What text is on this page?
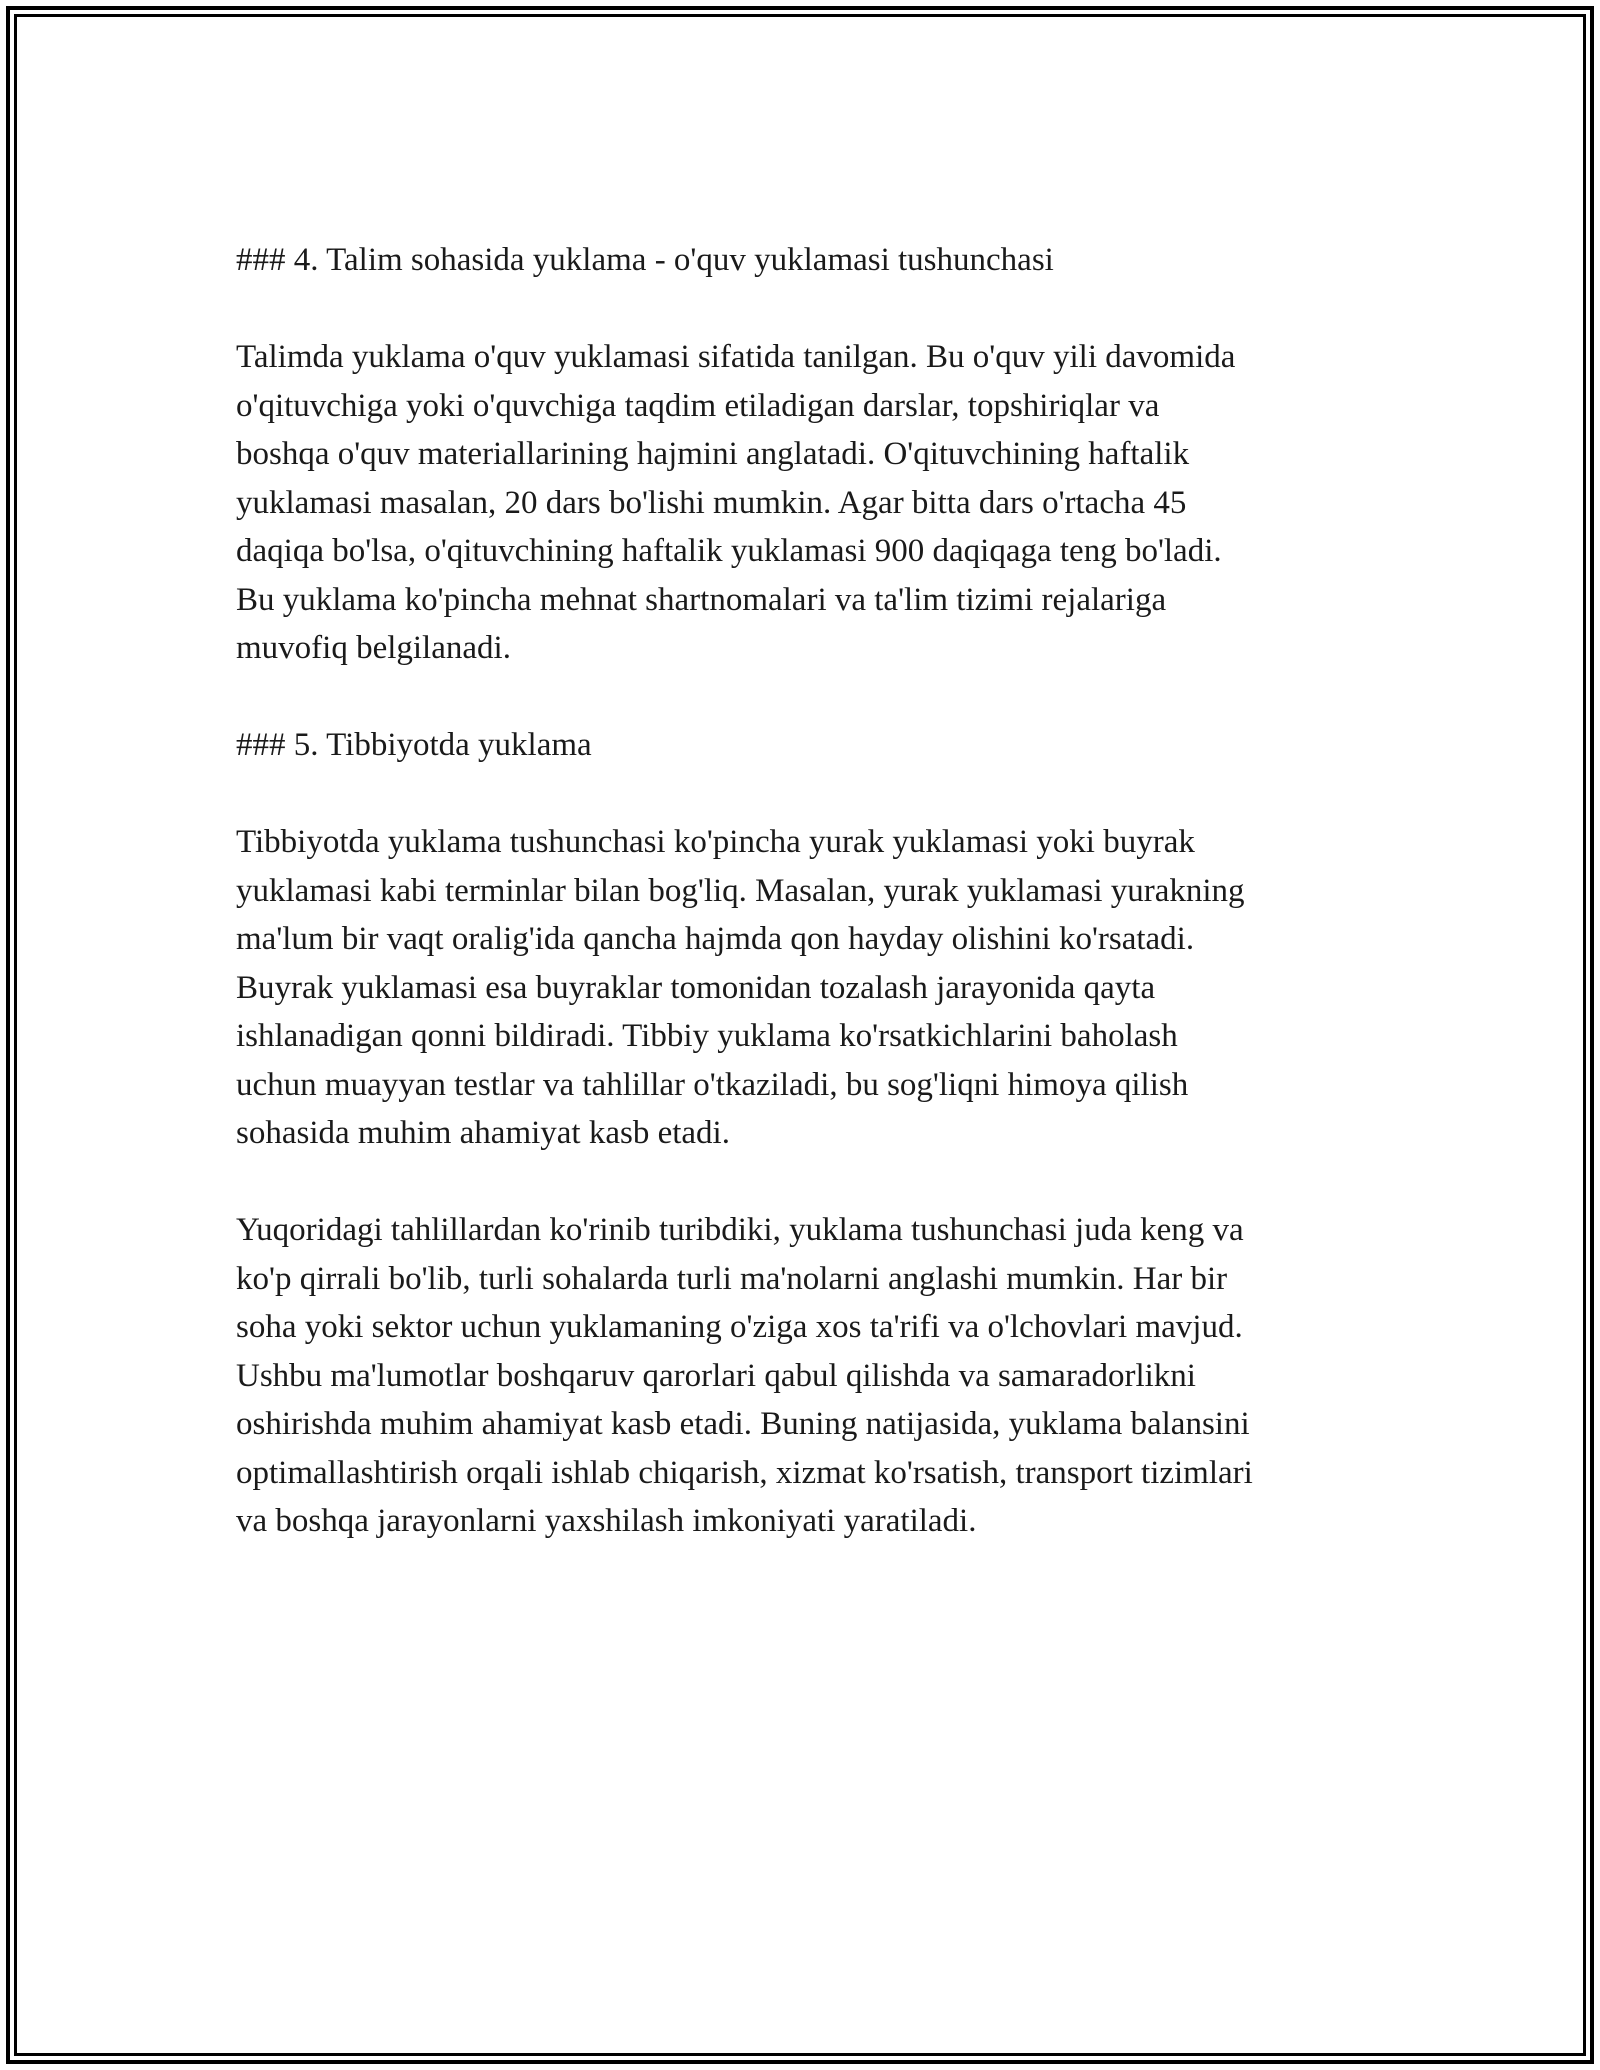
### 4. Talim sohasida yuklama - o'quv yuklamasi tushunchasi
Talimda yuklama o'quv yuklamasi sifatida tanilgan. Bu o'quv yili davomida
o'qituvchiga yoki o'quvchiga taqdim etiladigan darslar, topshiriqlar va
boshqa o'quv materiallarining hajmini anglatadi. O'qituvchining haftalik
yuklamasi masalan, 20 dars bo'lishi mumkin. Agar bitta dars o'rtacha 45
daqiqa bo'lsa, o'qituvchining haftalik yuklamasi 900 daqiqaga teng bo'ladi.
Bu yuklama ko'pincha mehnat shartnomalari va ta'lim tizimi rejalariga
muvofiq belgilanadi.
### 5. Tibbiyotda yuklama
Tibbiyotda yuklama tushunchasi ko'pincha yurak yuklamasi yoki buyrak
yuklamasi kabi terminlar bilan bog'liq. Masalan, yurak yuklamasi yurakning
ma'lum bir vaqt oralig'ida qancha hajmda qon hayday olishini ko'rsatadi.
Buyrak yuklamasi esa buyraklar tomonidan tozalash jarayonida qayta
ishlanadigan qonni bildiradi. Tibbiy yuklama ko'rsatkichlarini baholash
uchun muayyan testlar va tahlillar o'tkaziladi, bu sog'liqni himoya qilish
sohasida muhim ahamiyat kasb etadi.
Yuqoridagi tahlillardan ko'rinib turibdiki, yuklama tushunchasi juda keng va
ko'p qirrali bo'lib, turli sohalarda turli ma'nolarni anglashi mumkin. Har bir
soha yoki sektor uchun yuklamaning o'ziga xos ta'rifi va o'lchovlari mavjud.
Ushbu ma'lumotlar boshqaruv qarorlari qabul qilishda va samaradorlikni
oshirishda muhim ahamiyat kasb etadi. Buning natijasida, yuklama balansini
optimallashtirish orqali ishlab chiqarish, xizmat ko'rsatish, transport tizimlari
va boshqa jarayonlarni yaxshilash imkoniyati yaratiladi.
